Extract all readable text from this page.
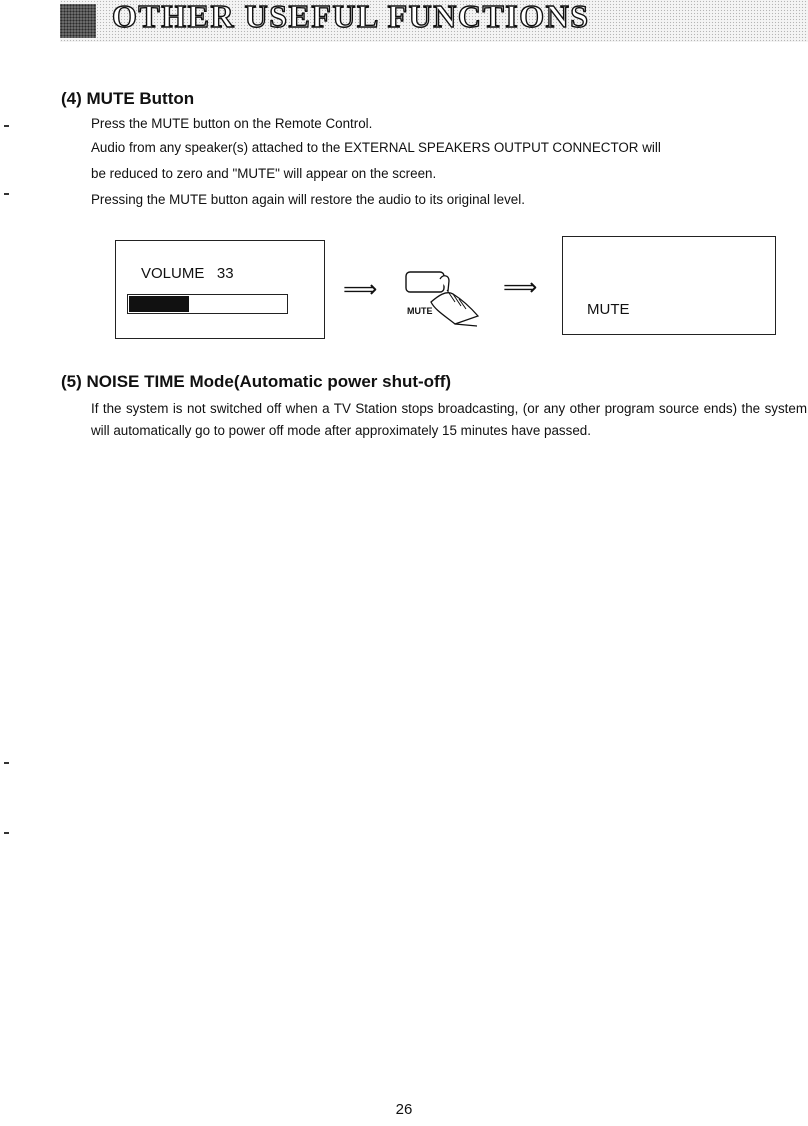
OTHER USEFUL FUNCTIONS
(4) MUTE Button
Press the MUTE button on the Remote Control.
Audio from any speaker(s) attached to the EXTERNAL SPEAKERS OUTPUT CONNECTOR will
be reduced to zero and "MUTE" will appear on the screen.
Pressing the MUTE button again will restore the audio to its original level.
VOLUME   33
⟹
MUTE
⟹
MUTE
(5) NOISE TIME Mode(Automatic power shut-off)
If the system is not switched off when a TV Station stops broadcasting, (or any other program source ends) the system will automatically go to power off mode after approximately 15 minutes have passed.
26
